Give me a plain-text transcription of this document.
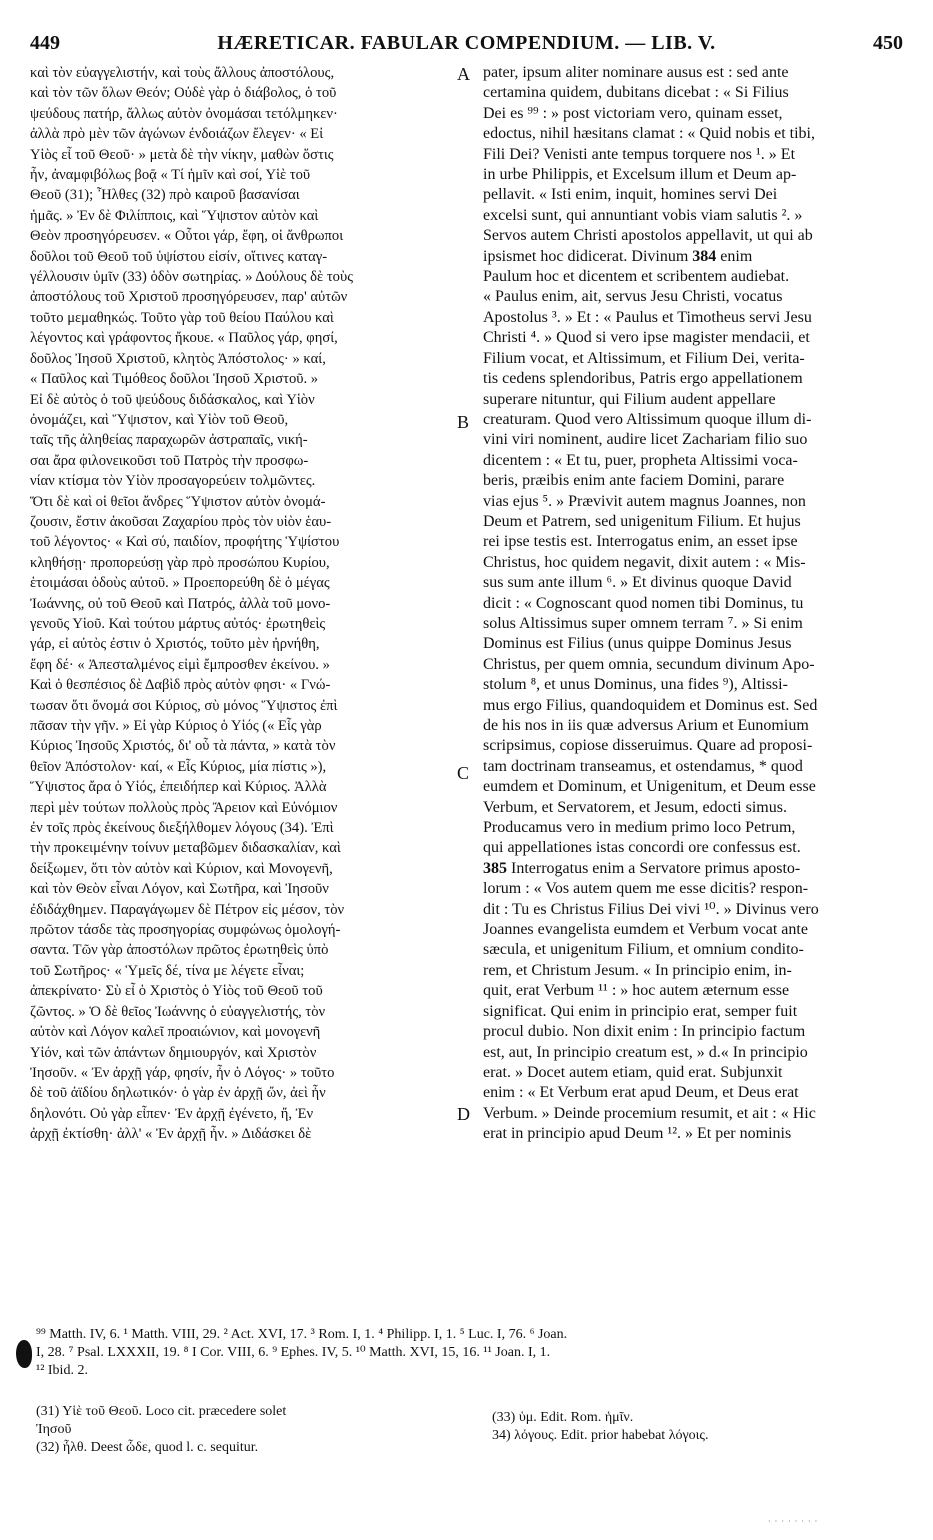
449	HÆRETICAR. FABULAR COMPENDIUM. — LIB. V.	450
καὶ τὸν εὐαγγελιστήν, καὶ τοὺς ἄλλους ἀποστόλους,
καὶ τὸν τῶν ὅλων Θεόν; Οὐδὲ γὰρ ὁ διάβολος, ὁ τοῦ
ψεύδους πατήρ, ἄλλως αὐτὸν ὀνομάσαι τετόλμηκεν·
ἀλλὰ πρὸ μὲν τῶν ἀγώνων ἐνδοιάζων ἔλεγεν· « Εἰ
Υἱὸς εἶ τοῦ Θεοῦ· » μετὰ δὲ τὴν νίκην, μαθὼν ὅστις
ἦν, ἀναμφιβόλως βοᾷ « Τί ἡμῖν καὶ σοί, Υἱὲ τοῦ
Θεοῦ (31); Ἦλθες (32) πρὸ καιροῦ βασανίσαι
ἡμᾶς. » Ἐν δὲ Φιλίπποις, καὶ Ὕψιστον αὐτὸν καὶ
Θεὸν προσηγόρευσεν. « Οὗτοι γάρ, ἔφη, οἱ ἄνθρωποι
δοῦλοι τοῦ Θεοῦ τοῦ ὑψίστου εἰσίν, οἵτινες καταγ-
γέλλουσιν ὑμῖν (33) ὁδὸν σωτηρίας. » Δούλους δὲ τοὺς
ἀποστόλους τοῦ Χριστοῦ προσηγόρευσεν, παρ' αὐτῶν
τοῦτο μεμαθηκώς. Τοῦτο γὰρ τοῦ θείου Παύλου καὶ
λέγοντος καὶ γράφοντος ἤκουε. « Παῦλος γάρ, φησί,
δοῦλος Ἰησοῦ Χριστοῦ, κλητὸς Ἀπόστολος· » καί,
« Παῦλος καὶ Τιμόθεος δοῦλοι Ἰησοῦ Χριστοῦ. »
Εἰ δὲ αὐτὸς ὁ τοῦ ψεύδους διδάσκαλος, καὶ Υἱὸν
ὀνομάζει, καὶ Ὕψιστον, καὶ Υἱὸν τοῦ Θεοῦ,
ταῖς τῆς ἀληθείας παραχωρῶν ἀστραπαῖς, νική-
σαι ἄρα φιλονεικοῦσι τοῦ Πατρὸς τὴν προσφω-
νίαν κτίσμα τὸν Υἱὸν προσαγορεύειν τολμῶντες.
Ὅτι δὲ καὶ οἱ θεῖοι ἄνδρες Ὕψιστον αὐτὸν ὀνομά-
ζουσιν, ἔστιν ἀκοῦσαι Ζαχαρίου πρὸς τὸν υἱὸν ἑαυ-
τοῦ λέγοντος· « Καὶ σύ, παιδίον, προφήτης Ὑψίστου
κληθήσῃ· προπορεύσῃ γὰρ πρὸ προσώπου Κυρίου,
ἑτοιμάσαι ὁδοὺς αὐτοῦ. » Προεπορεύθη δὲ ὁ μέγας
Ἰωάννης, οὐ τοῦ Θεοῦ καὶ Πατρός, ἀλλὰ τοῦ μονο-
γενοῦς Υἱοῦ. Καὶ τούτου μάρτυς αὐτός· ἐρωτηθεὶς
γάρ, εἰ αὐτὸς ἐστιν ὁ Χριστός, τοῦτο μὲν ἠρνήθη,
ἔφη δέ· « Ἀπεσταλμένος εἰμὶ ἔμπροσθεν ἐκείνου. »
Καὶ ὁ θεσπέσιος δὲ Δαβὶδ πρὸς αὐτὸν φησι· « Γνώ-
τωσαν ὅτι ὄνομά σοι Κύριος, σὺ μόνος Ὕψιστος ἐπὶ
πᾶσαν τὴν γῆν. » Εἰ γὰρ Κύριος ὁ Υἱός (« Εἷς γὰρ
Κύριος Ἰησοῦς Χριστός, δι' οὗ τὰ πάντα, » κατὰ τὸν
θεῖον Ἀπόστολον· καί, « Εἷς Κύριος, μία πίστις »),
Ὕψιστος ἄρα ὁ Υἱός, ἐπειδήπερ καὶ Κύριος. Ἀλλὰ
περὶ μὲν τούτων πολλοὺς πρὸς Ἄρειον καὶ Εὐνόμιον
ἐν τοῖς πρὸς ἐκείνους διεξήλθομεν λόγους (34). Ἐπὶ
τὴν προκειμένην τοίνυν μεταβῶμεν διδασκαλίαν, καὶ
δείξωμεν, ὅτι τὸν αὐτὸν καὶ Κύριον, καὶ Μονογενῆ,
καὶ τὸν Θεὸν εἶναι Λόγον, καὶ Σωτῆρα, καὶ Ἰησοῦν
ἐδιδάχθημεν. Παραγάγωμεν δὲ Πέτρον εἰς μέσον, τὸν
πρῶτον τάσδε τὰς προσηγορίας συμφώνως ὁμολογή-
σαντα. Τῶν γὰρ ἀποστόλων πρῶτος ἐρωτηθεὶς ὑπὸ
τοῦ Σωτῆρος· « Ὑμεῖς δέ, τίνα με λέγετε εἶναι;
ἀπεκρίνατο· Σὺ εἶ ὁ Χριστὸς ὁ Υἱὸς τοῦ Θεοῦ τοῦ
ζῶντος. » Ὁ δὲ θεῖος Ἰωάννης ὁ εὐαγγελιστής, τὸν
αὐτὸν καὶ Λόγον καλεῖ προαιώνιον, καὶ μονογενῆ
Υἱόν, καὶ τῶν ἁπάντων δημιουργόν, καὶ Χριστὸν
Ἰησοῦν. « Ἐν ἀρχῇ γάρ, φησίν, ἦν ὁ Λόγος· » τοῦτο
δὲ τοῦ ἀϊδίου δηλωτικόν· ὁ γὰρ ἐν ἀρχῇ ὤν, ἀεὶ ἦν
δηλονότι. Οὐ γὰρ εἶπεν· Ἐν ἀρχῇ ἐγένετο, ἤ, Ἐν
ἀρχῇ ἐκτίσθη· ἀλλ' « Ἐν ἀρχῇ ἦν. » Διδάσκει δὲ
pater, ipsum aliter nominare ausus est : sed ante
certamina quidem, dubitans dicebat : « Si Filius
Dei es ⁹⁹ : » post victoriam vero, quinam esset,
edoctus, nihil hæsitans clamat : « Quid nobis et tibi,
Fili Dei? Venisti ante tempus torquere nos ¹. » Et
in urbe Philippis, et Excelsum illum et Deum ap-
pellavit. « Isti enim, inquit, homines servi Dei
excelsi sunt, qui annuntiant vobis viam salutis ². »
Servos autem Christi apostolos appellavit, ut qui ab
ipsismet hoc didicerat. Divinum 384 enim
Paulum hoc et dicentem et scribentem audiebat.
« Paulus enim, ait, servus Jesu Christi, vocatus
Apostolus ³. » Et : « Paulus et Timotheus servi Jesu
Christi ⁴. » Quod si vero ipse magister mendacii, et
Filium vocat, et Altissimum, et Filium Dei, verita-
tis cedens splendoribus, Patris ergo appellationem
superare nituntur, qui Filium audent appellare
creaturam. Quod vero Altissimum quoque illum di-
vini viri nominent, audire licet Zachariam filio suo
dicentem : « Et tu, puer, propheta Altissimi voca-
beris, præibis enim ante faciem Domini, parare
vias ejus ⁵. » Prævivit autem magnus Joannes, non
Deum et Patrem, sed unigenitum Filium. Et hujus
rei ipse testis est. Interrogatus enim, an esset ipse
Christus, hoc quidem negavit, dixit autem : « Mis-
sus sum ante illum ⁶. » Et divinus quoque David
dicit : « Cognoscant quod nomen tibi Dominus, tu
solus Altissimus super omnem terram ⁷. » Si enim
Dominus est Filius (unus quippe Dominus Jesus
Christus, per quem omnia, secundum divinum Apo-
stolum ⁸, et unus Dominus, una fides ⁹), Altissi-
mus ergo Filius, quandoquidem et Dominus est. Sed
de his nos in iis quæ adversus Arium et Eunomium
scripsimus, copiose disseruimus. Quare ad proposi-
tam doctrinam transeamus, et ostendamus, * quod
eumdem et Dominum, et Unigenitum, et Deum esse
Verbum, et Servatorem, et Jesum, edocti simus.
Producamus vero in medium primo loco Petrum,
qui appellationes istas concordi ore confessus est.
385 Interrogatus enim a Servatore primus aposto-
lorum : « Vos autem quem me esse dicitis? respon-
dit : Tu es Christus Filius Dei vivi ¹⁰. » Divinus vero
Joannes evangelistа eumdem et Verbum vocat ante
sæcula, et unigenitum Filium, et omnium condito-
rem, et Christum Jesum. « In principio enim, in-
quit, erat Verbum ¹¹ : » hoc autem æternum esse
significat. Qui enim in principio erat, semper fuit
procul dubio. Non dixit enim : In principio factum
est, aut, In principio creatum est, » d.« In principio
erat. » Docet autem etiam, quid erat. Subjunxit
enim : « Et Verbum erat apud Deum, et Deus erat
Verbum. » Deinde procemium resumit, et ait : « Hic
erat in principio apud Deum ¹². » Et per nominis
A
B
C
D
⁹⁹ Matth. IV, 6. ¹ Matth. VIII, 29. ² Act. XVI, 17. ³ Rom. I, 1. ⁴ Philipp. I, 1. ⁵ Luc. I, 76. ⁶ Joan.
I, 28. ⁷ Psal. LXXXII, 19. ⁸ I Cor. VIII, 6. ⁹ Ephes. IV, 5. ¹⁰ Matth. XVI, 15, 16. ¹¹ Joan. I, 1.
¹² Ibid. 2.
(31) Υἱὲ τοῦ Θεοῦ. Loco cit. præcedere solet
Ἰησοῦ
(32) ἦλθ. Deest ὧδε, quod l. c. sequitur.
(33) ὑμ. Edit. Rom. ἡμῖν.
34) λόγους. Edit. prior habebat λόγοις.
· · · · · · · ·
